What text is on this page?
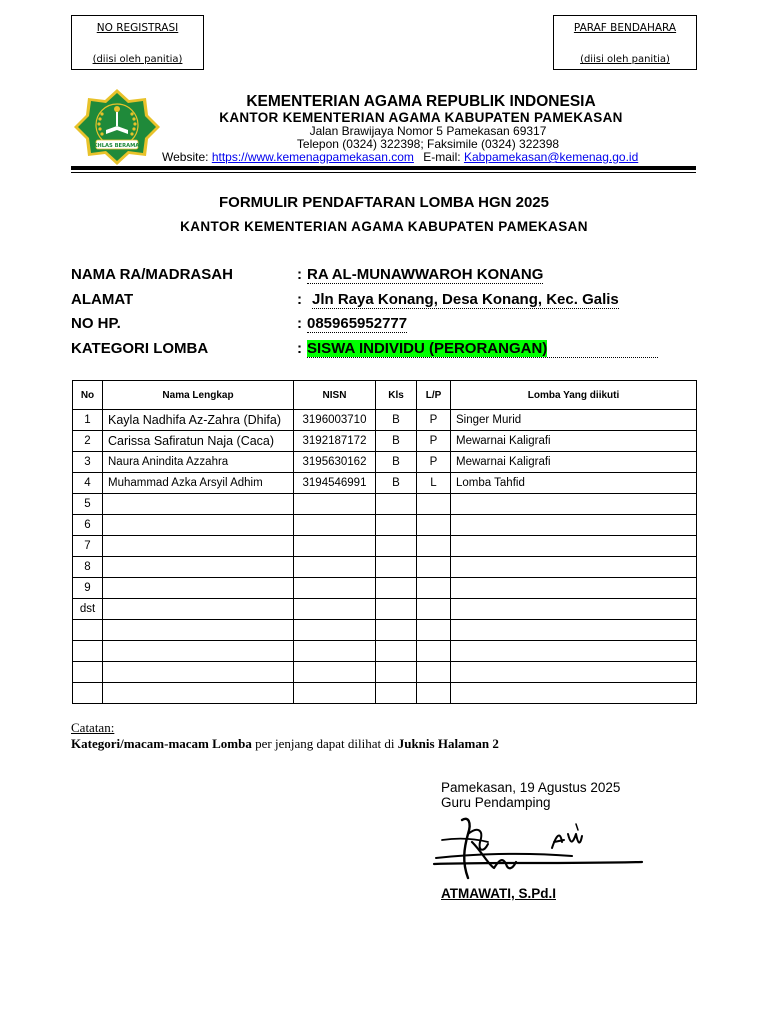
NO REGISTRASI
(diisi oleh panitia)
PARAF BENDAHARA
(diisi oleh panitia)
IKHLAS BERAMAL
KEMENTERIAN AGAMA REPUBLIK INDONESIA
KANTOR KEMENTERIAN AGAMA KABUPATEN PAMEKASAN
Jalan Brawijaya Nomor 5 Pamekasan 69317
Telepon (0324) 322398; Faksimile (0324) 322398
Website: https://www.kemenagpamekasan.com E-mail: Kabpamekasan@kemenag.go.id
FORMULIR PENDAFTARAN LOMBA HGN 2025
KANTOR KEMENTERIAN AGAMA KABUPATEN PAMEKASAN
NAMA RA/MADRASAH	: RA AL-MUNAWWAROH KONANG
ALAMAT	: Jln Raya Konang, Desa Konang, Kec. Galis
NO HP.	: 085965952777
KATEGORI LOMBA	: SISWA INDIVIDU (PERORANGAN)
No	Nama Lengkap	NISN	Kls	L/P	Lomba Yang diikuti
1	Kayla Nadhifa Az-Zahra (Dhifa)	3196003710	B	P	Singer Murid
2	Carissa Safiratun Naja (Caca)	3192187172	B	P	Mewarnai Kaligrafi
3	Naura Anindita Azzahra	3195630162	B	P	Mewarnai Kaligrafi
4	Muhammad Azka Arsyil Adhim	3194546991	B	L	Lomba Tahfid
5					
6					
7					
8					
9					
dst					

Catatan:
Kategori/macam-macam Lomba per jenjang dapat dilihat di Juknis Halaman 2
Pamekasan, 19 Agustus 2025
Guru Pendamping
ATMAWATI, S.Pd.I
